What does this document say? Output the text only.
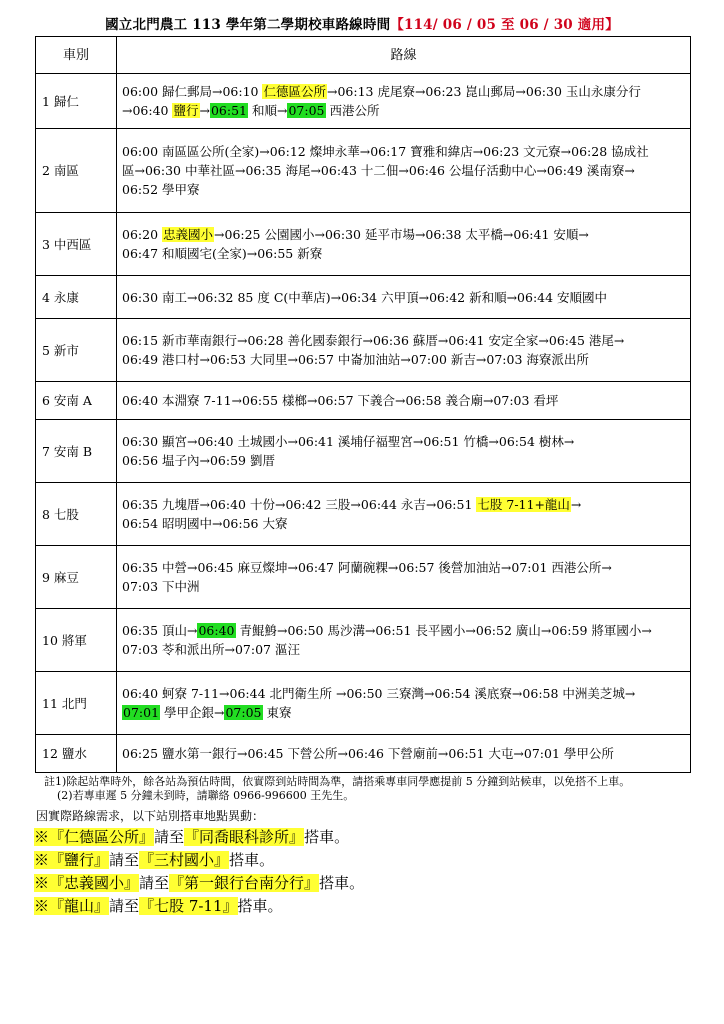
國立北門農工 113 學年第二學期校車路線時間【114/ 06 / 05 至 06 / 30 適用】
車別	路線
1 歸仁	06:00 歸仁郵局→06:10 仁德區公所→06:13 虎尾寮→06:23 崑山郵局→06:30 玉山永康分行
→06:40 鹽行→06:51 和順→07:05 西港公所

2 南區	06:00 南區區公所(全家)→06:12 燦坤永華→06:17 寶雅和緯店→06:23 文元寮→06:28 協成社
區→06:30 中華社區→06:35 海尾→06:43 十二佃→06:46 公塭仔活動中心→06:49 溪南寮→
06:52 學甲寮

3 中西區	06:20 忠義國小→06:25 公園國小→06:30 延平市場→06:38 太平橋→06:41 安順→
06:47 和順國宅(全家)→06:55 新寮

4 永康	06:30 南工→06:32 85 度 C(中華店)→06:34 六甲頂→06:42 新和順→06:44 安順國中

5 新市	06:15 新市華南銀行→06:28 善化國泰銀行→06:36 蘇厝→06:41 安定全家→06:45 港尾→
06:49 港口村→06:53 大同里→06:57 中崙加油站→07:00 新吉→07:03 海寮派出所

6 安南 A	06:40 本淵寮 7-11→06:55 樣榔→06:57 下義合→06:58 義合廟→07:03 看坪

7 安南 B	06:30 顯宮→06:40 土城國小→06:41 溪埔仔福聖宮→06:51 竹橋→06:54 樹林→
06:56 塭子內→06:59 劉厝

8 七股	06:35 九塊厝→06:40 十份→06:42 三股→06:44 永吉→06:51 七股 7-11+龍山→
06:54 昭明國中→06:56 大寮

9 麻豆	06:35 中營→06:45 麻豆燦坤→06:47 阿蘭碗粿→06:57 後營加油站→07:01 西港公所→
07:03 下中洲

10 將軍	06:35 頂山→06:40 青鯤鯓→06:50 馬沙溝→06:51 長平國小→06:52 廣山→06:59 將軍國小→
07:03 苓和派出所→07:07 漚汪

11 北門	06:40 蚵寮 7-11→06:44 北門衛生所 →06:50 三寮灣→06:54 溪底寮→06:58 中洲美芝城→
07:01 學甲企銀→07:05 東寮

12 鹽水	06:25 鹽水第一銀行→06:45 下營公所→06:46 下營廟前→06:51 大屯→07:01 學甲公所
註1)除起站準時外，餘各站為預估時間，依實際到站時間為準，請搭乘專車同學應提前 5 分鐘到站候車，以免搭不上車。
(2)若專車遲 5 分鐘未到時，請聯絡 0966-996600 王先生。
因實際路線需求，以下站別搭車地點異動：
※『仁德區公所』請至『同喬眼科診所』搭車。
※『鹽行』請至『三村國小』搭車。
※『忠義國小』請至『第一銀行台南分行』搭車。
※『龍山』請至『七股 7-11』搭車。
